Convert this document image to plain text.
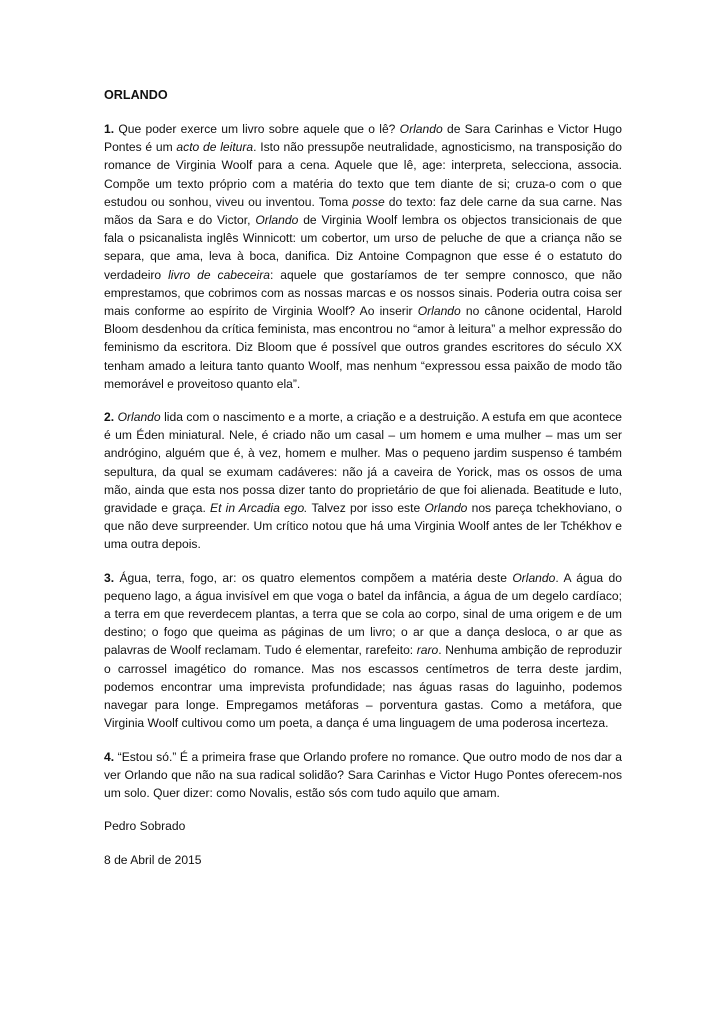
ORLANDO
1. Que poder exerce um livro sobre aquele que o lê? Orlando de Sara Carinhas e Victor Hugo Pontes é um acto de leitura. Isto não pressupõe neutralidade, agnosticismo, na transposição do romance de Virginia Woolf para a cena. Aquele que lê, age: interpreta, selecciona, associa. Compõe um texto próprio com a matéria do texto que tem diante de si; cruza-o com o que estudou ou sonhou, viveu ou inventou. Toma posse do texto: faz dele carne da sua carne. Nas mãos da Sara e do Victor, Orlando de Virginia Woolf lembra os objectos transicionais de que fala o psicanalista inglês Winnicott: um cobertor, um urso de peluche de que a criança não se separa, que ama, leva à boca, danifica. Diz Antoine Compagnon que esse é o estatuto do verdadeiro livro de cabeceira: aquele que gostaríamos de ter sempre connosco, que não emprestamos, que cobrimos com as nossas marcas e os nossos sinais. Poderia outra coisa ser mais conforme ao espírito de Virginia Woolf? Ao inserir Orlando no cânone ocidental, Harold Bloom desdenhou da crítica feminista, mas encontrou no “amor à leitura” a melhor expressão do feminismo da escritora. Diz Bloom que é possível que outros grandes escritores do século XX tenham amado a leitura tanto quanto Woolf, mas nenhum “expressou essa paixão de modo tão memorável e proveitoso quanto ela”.
2. Orlando lida com o nascimento e a morte, a criação e a destruição. A estufa em que acontece é um Éden miniatural. Nele, é criado não um casal – um homem e uma mulher – mas um ser andrógino, alguém que é, à vez, homem e mulher. Mas o pequeno jardim suspenso é também sepultura, da qual se exumam cadáveres: não já a caveira de Yorick, mas os ossos de uma mão, ainda que esta nos possa dizer tanto do proprietário de que foi alienada. Beatitude e luto, gravidade e graça. Et in Arcadia ego. Talvez por isso este Orlando nos pareça tchekhoviano, o que não deve surpreender. Um crítico notou que há uma Virginia Woolf antes de ler Tchékhov e uma outra depois.
3. Água, terra, fogo, ar: os quatro elementos compõem a matéria deste Orlando. A água do pequeno lago, a água invisível em que voga o batel da infância, a água de um degelo cardíaco; a terra em que reverdecem plantas, a terra que se cola ao corpo, sinal de uma origem e de um destino; o fogo que queima as páginas de um livro; o ar que a dança desloca, o ar que as palavras de Woolf reclamam. Tudo é elementar, rarefeito: raro. Nenhuma ambição de reproduzir o carrossel imagético do romance. Mas nos escassos centímetros de terra deste jardim, podemos encontrar uma imprevista profundidade; nas águas rasas do laguinho, podemos navegar para longe. Empregamos metáforas – porventura gastas. Como a metáfora, que Virginia Woolf cultivou como um poeta, a dança é uma linguagem de uma poderosa incerteza.
4. “Estou só.” É a primeira frase que Orlando profere no romance. Que outro modo de nos dar a ver Orlando que não na sua radical solidão? Sara Carinhas e Victor Hugo Pontes oferecem-nos um solo. Quer dizer: como Novalis, estão sós com tudo aquilo que amam.
Pedro Sobrado
8 de Abril de 2015
